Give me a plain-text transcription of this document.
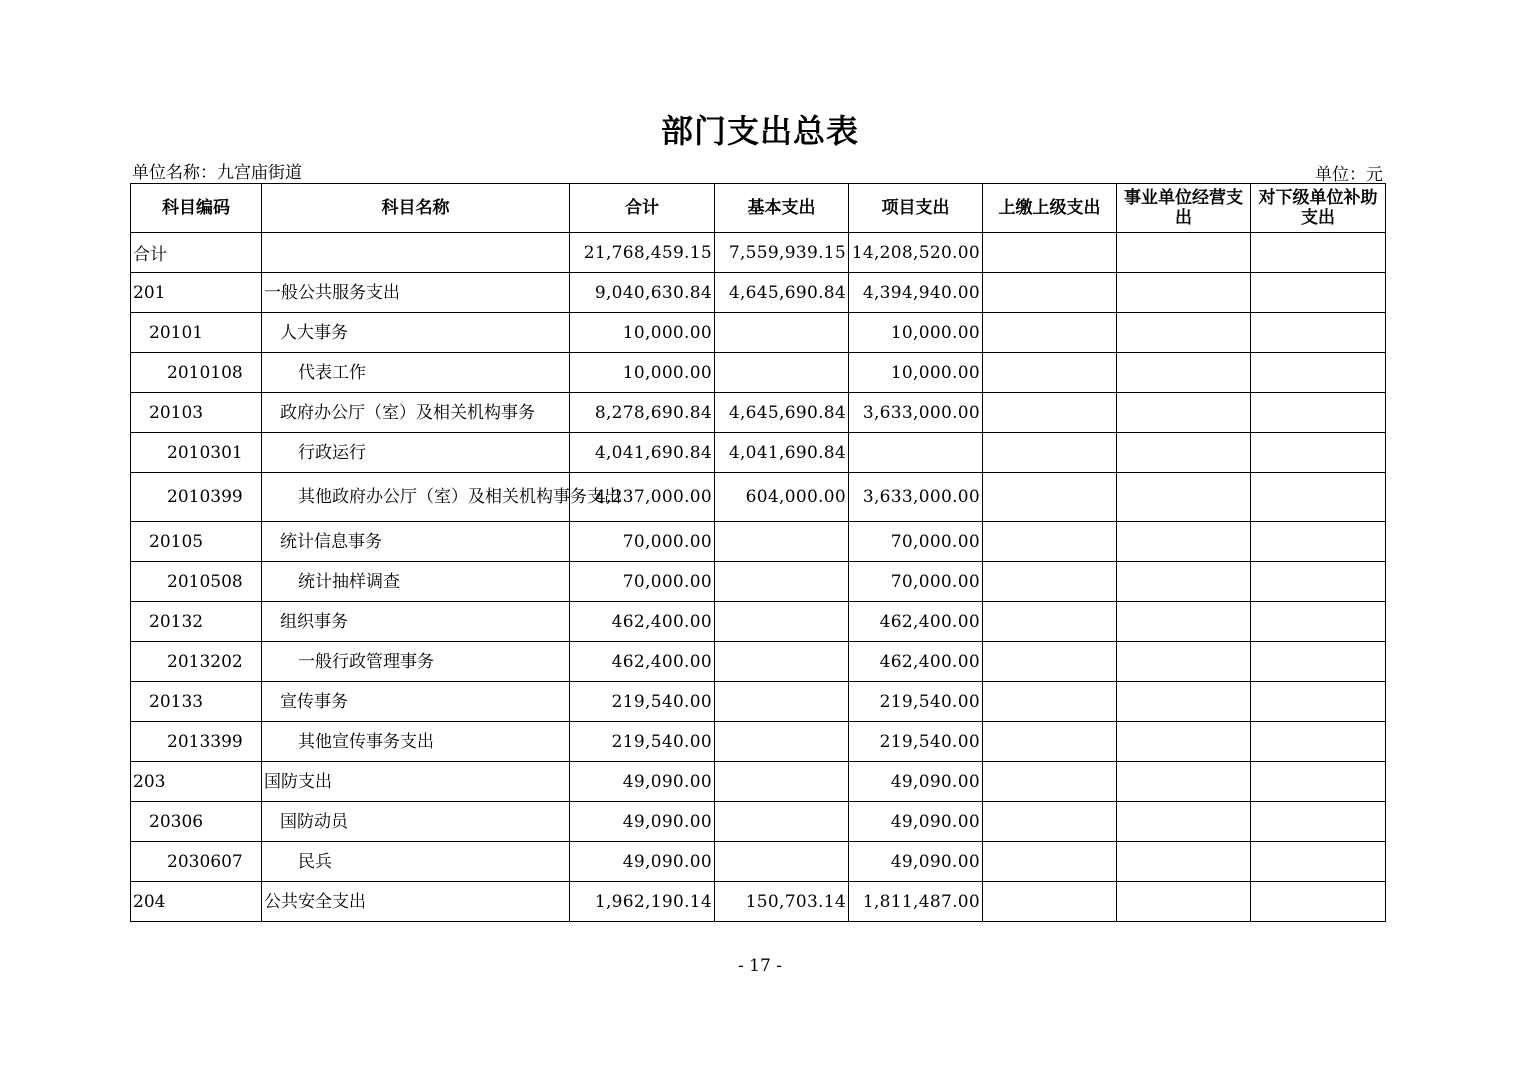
部门支出总表
单位名称：九宫庙街道	单位：元
科目编码	科目名称	合计	基本支出	项目支出	上缴上级支出	事业单位经营支出	对下级单位补助支出
合计		21,768,459.15	7,559,939.15	14,208,520.00			
201	一般公共服务支出	9,040,630.84	4,645,690.84	4,394,940.00			
20101	人大事务	10,000.00		10,000.00			
2010108	代表工作	10,000.00		10,000.00			
20103	政府办公厅（室）及相关机构事务	8,278,690.84	4,645,690.84	3,633,000.00			
2010301	行政运行	4,041,690.84	4,041,690.84				
2010399	其他政府办公厅（室）及相关机构事务支出	4,237,000.00	604,000.00	3,633,000.00			
20105	统计信息事务	70,000.00		70,000.00			
2010508	统计抽样调查	70,000.00		70,000.00			
20132	组织事务	462,400.00		462,400.00			
2013202	一般行政管理事务	462,400.00		462,400.00			
20133	宣传事务	219,540.00		219,540.00			
2013399	其他宣传事务支出	219,540.00		219,540.00			
203	国防支出	49,090.00		49,090.00			
20306	国防动员	49,090.00		49,090.00			
2030607	民兵	49,090.00		49,090.00			
204	公共安全支出	1,962,190.14	150,703.14	1,811,487.00			
- 17 -
